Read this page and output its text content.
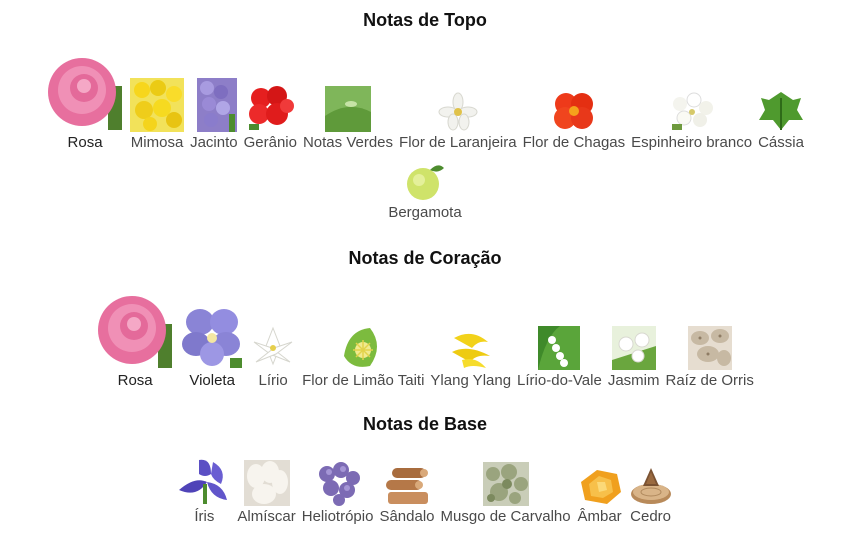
Notas de Topo
Rosa Mimosa Jacinto Gerânio Notas Verdes Flor de Laranjeira Flor de Chagas Espinheiro branco Cássia
Bergamota
Notas de Coração
Rosa Violeta Lírio Flor de Limão Taiti Ylang Ylang Lírio-do-Vale Jasmim Raíz de Orris
Notas de Base
Íris Almíscar Heliotrópio Sândalo Musgo de Carvalho Âmbar Cedro
